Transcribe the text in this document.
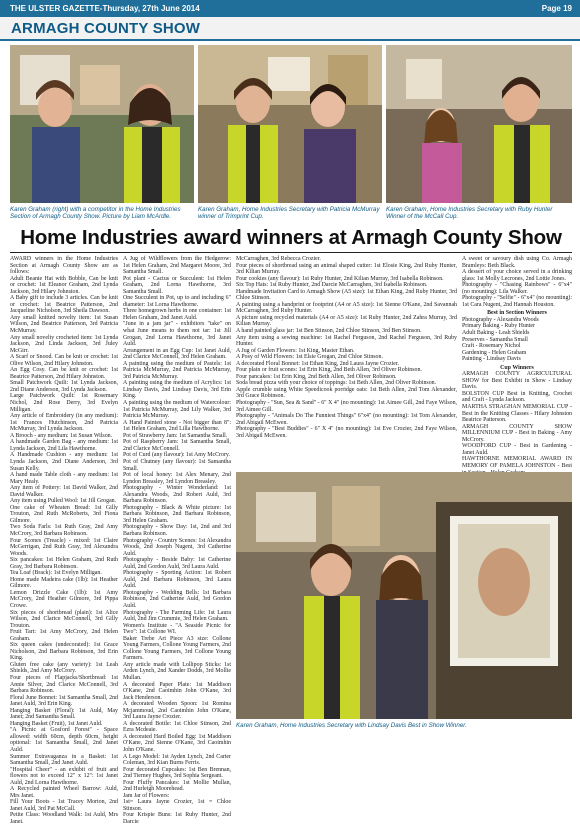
THE ULSTER GAZETTE-Thursday, 27th June 2014	Page 19
ARMAGH COUNTY SHOW
Karen Graham (right) with a competitor in the Home Industries Section of Armagh County Show. Picture by Liam McArdle.
Karen Graham, Home Industries Secretary with Patricia McMurray winner of Trimprint Cup.
Karen Graham, Home Industries Secretary with Ruby Hunter Winner of the McCall Cup.
Home Industries award winners at Armagh County Show

AWARD winners in the Home Industries Section at Armagh County Show are as follows:

Adult Beanie Hat with Bobble, Can be knit or crochet: 1st Eleanor Graham, 2nd Lynda Jackson, 3rd Hilary Johnston.

A Baby gift to include 3 articles. Can be knit or crochet: 1st Beatrice Patterson, 2nd Jacqueline Nicholson, 3rd Sheila Dawson.

Any small knitted novelty item: 1st Susan Wilson, 2nd Beatrice Patterson, 3rd Patricia McMurray.

Any small novelty crocheted item: 1st Lynda Jackson, 2nd Linda Jackson, 3rd Juley McGirr.

A Scarf or Snood. Can be knit or crochet: 1st Olive Wilson, 2nd Hilary Johnston.

An Egg Cosy. Can be knit or crochet: 1st Beatrice Patterson, 2nd Hilary Johnston.

Small Patchwork Quilt: 1st Lynda Jackson, 2nd Diane Anderson, 3rd Lynda Jackson.

Large Patchwork Quilt: 1st Rosemary Nichol, 2nd Rose Derry, 3rd Evelyn Milligan.

Any article of Embroidery (in any medium): 1st Frances Hutchinson, 2nd Patricia McMurray, 3rd Lynda Jackson.

A Brooch - any medium: 1st Susan Wilson.

A handmade Garden Bag - any medium: 1st Lynda Jackson, 2nd Lila Hawthorne.

A Handmade Cushion - any medium: 1st Lynda Jackson, 2nd Diane Anderson, 3rd Susan Kelly.

A hand made Table cloth - any medium: 1st Mary Healy.

Any item of Pottery: 1st David Walker, 2nd David Walker.

Any item using Pulled Wool: 1st Jill Grogan.

One cake of Wheaten Bread: 1st Gilly Trouton, 2nd Ruth McRoberts, 3rd Fiona Gilmore.

Two Soda Farls: 1st Ruth Gray, 2nd Amy McCrory, 3rd Barbara Robinson.

Four Scones (Treacle) - mixed: 1st Claire McGerrigan, 2nd Ruth Gray, 3rd Alexandra Woods.

Six pancakes: 1st Helen Graham, 2nd Ruth Gray, 3rd Barbara Robinson.

Tea Loaf (Brack): 1st Evelyn Milligan.

Home made Madeira cake (1lb): 1st Heather Gilmore.

Lemon Drizzle Cake (1lb): 1st Amy McCrory, 2nd Heather Gilmore, 3rd Pippa Crowe.

Six pieces of shortbread (plain): 1st Alice Wilson, 2nd Clarice McConnell, 3rd Gilly Trouton.

Fruit Tart: 1st Amy McCrory, 2nd Helen Graham.

Six queen cakes (undecorated): 1st Grace Nicholson, 2nd Barbara Robinson, 3rd Erin King.

Gluten free cake (any variety): 1st Leah Shields, 2nd Amy McCrory.

Four pieces of Flapjacks/Shortbread: 1st Annie Silver, 2nd Clarice McConnell, 3rd Barbara Robinson.

Floral June Bonnet: 1st Samantha Small, 2nd Janet Auld, 3rd Erin King.

Hanging Basket (Floral): 1st Auld, May Janet; 2nd Samantha Small.

Hanging Basket (Fruit), 1st Janet Auld.

"A Picnic at Gosford Forest" - Space allowed: width 60cm, depth 60cm, height optional: 1st Samantha Small, 2nd Janet Auld.

Summer Extravaganza in a Basket: 1st Samantha Small, 2nd Janet Auld.

"Hospital Cheer" - an exhibit of fruit and flowers not to exceed 12" x 12": 1st Janet Auld, 2nd Lorna Hawthorne.

A Recycled painted Wheel Barrow: Auld, Mrs Janet.

Fill Your Boots - 1st Tracey Morton, 2nd Janet Auld, 3rd Pat McCall.

Petite Class: Woodland Walk: 1st Auld, Mrs Janet.

A Jug of Wildflowers from the Hedgerow: 1st Helen Graham, 2nd Margaret Moore, 3rd Samantha Small.

Pot plant - Cactus or Succulent: 1st Helen Graham, 2nd Lorna Hawthorne, 3rd Samantha Small.

One Succulent in Pot, up to and including 6" diameter: 1st Lorna Hawthorne.

Three homegrown herbs in one container: 1st Helen Graham, 2nd Janet Auld.

"June in a jam jar" - exhibitors "take" on what June means to them not tar: 1st Jill Grogan, 2nd Lorna Hawthorne, 3rd Janet Auld.

Arrangement in an Egg Cup: 1st Janet Auld, 2nd Clarice McConnell, 3rd Helen Graham.

A painting using the medium of Pastels: 1st Patricia McMurray, 2nd Patricia McMurray, 3rd Patricia McMurray.

A painting using the medium of Acrylics: 1st Lindsay Davis, 2nd Lindsay Davis, 3rd Erin King.

A painting using the medium of Watercolour: 1st Patricia McMurray, 2nd Lily Walker, 3rd Patricia McMurray.

A Hand Painted stone - Not bigger than 8": 1st Helen Graham, 2nd Lilla Hawthorne.

Pot of Strawberry Jam: 1st Samantha Small.

Pot of Raspberry Jam: 1st Samantha Small, 2nd Clarice McConnell.

Pot of Curd (any flavour): 1st Amy McCrory.

Pot of Chutney (any flavour): 1st Samantha Small.

Pot of local honey: 1st Alex Menary, 2nd Lyndon Breasley, 3rd Lyndon Breasley.

Photography - Winter Wonderland: 1st Alexandra Woods, 2nd Robert Auld, 3rd Barbara Robinson.

Photography - Black & White picture: 1st Barbara Robinson, 2nd Barbara Robinson, 3rd Helen Graham.

Photography - Show Day: 1st, 2nd and 3rd Barbara Robinson.

Photography - Country Scenes: 1st Alexandra Woods, 2nd Joseph Nugent, 3rd Catherine Auld.

Photography - Beside Baby: 1st Catherine Auld, 2nd Gordon Auld, 3rd Laura Auld.

Photography - Sporting Action: 1st Robert Auld, 2nd Barbara Robinson, 3rd Laura Auld.

Photography - Wedding Bells: 1st Barbara Robinson, 2nd Catherine Auld, 3rd Gordon Auld.

Photography - The Farming Life: 1st Laura Auld, 2nd Jim Crummie, 3rd Helen Graham.

Women's Institute - "A Seaside Picnic for Two": 1st Collone WI.

Baker Trebe Art Piece A3 size: Collone Young Farmers, Collone Young Farmers, 2nd Collone Young Farmers, 3rd Collone Young Farmers.

Any article made with Lollipop Sticks: 1st Arden Lynch, 2nd Xander Dodds, 3rd Mollie Mullan.

A decorated Paper Plate: 1st Maddison O'Kane, 2nd Caoimhin John O'Kane, 3rd Jack Henderson.

A decorated Wooden Spoon: 1st Romina Mcjammoud, 2nd Caoimhin John O'Kane, 3rd Laura Jayne Crozier.

A decorated Bottle: 1st Chloe Stinson, 2nd Ezra Mcdeaie.

A decorated Hard Boiled Egg: 1st Maddison O'Kane, 2nd Sienne O'Kane, 3rd Caoimhin John O'Kane.

A Lego Model: 1st Ayden Lynch, 2nd Carter Coleman, 3rd Kian Burns Ferris.

Four decorated Cupcakes: 1st Ben Brennan, 2nd Tierney Hughes, 3rd Sophia Sergeant.

Four Fluffy Pancakes: 1st Mollie Mullan, 2nd Hurleigh Moorehead.

Jam Jar of Flowers:

1st= Laura Jayne Crozier, 1st = Chloe Stinson.

Four Krispie Buns: 1st Ruby Hunter, 2nd Darcie

McCarraghen, 3rd Rebecca Crozier.

Four pieces of shortbread using an animal shaped cutter: 1st Elosie King, 2nd Ruby Hunter, 3rd Kilian Murray.

Four cookies (any flavour): 1st Ruby Hunter, 2nd Kilian Murray, 3rd Isabella Robinson.

Six Top Hats: 1st Ruby Hunter, 2nd Darcie McCarraghen, 3rd Isabella Robinson.

Handmade Invitation Card to Armagh Show (A5 size): 1st Ethan King, 2nd Ruby Hunter, 3rd Chloe Stinson.

A painting using a handprint or footprint (A4 or A5 size): 1st Sienne O'Kane, 2nd Savannah McCarraghen, 3rd Ruby Hunter.

A picture using recycled materials (A4 or A5 size): 1st Ruby Hunter, 2nd Zahra Murray, 3rd Kilian Murray.

A hand painted glass jar: 1st Ben Stinson, 2nd Chloe Stinson, 3rd Ben Stinson.

Any item using a sewing machine: 1st Rachel Ferguson, 2nd Rachel Ferguson, 3rd Ruby Hunter.

A Jug of Garden Flowers: 1st King, Master Ethan.

A Posy of Wild Flowers: 1st Elsie Grogan, 2nd Chloe Stinson.

A decorated Floral Bonnet: 1st Ethan King, 2nd Laura Jayne Crozier.

Four plain or fruit scones: 1st Erin King, 2nd Beth Allen, 3rd Oliver Robinson.

Four pancakes: 1st Erin King, 2nd Beth Allen, 3rd Oliver Robinson.

Soda bread pizza with your choice of toppings: 1st Beth Allen, 2nd Oliver Robinson.

Apple crumble using White Speedicook porridge oats: 1st Beth Allen, 2nd Tom Alexander, 3rd Grace Robinson.

Photography - "Sun, Sea & Sand" - 6" X 4" (no mounting): 1st Aimee Gill, 2nd Faye Wilson, 3rd Aimee Gill.

Photography - "Animals Do The Funniest Things" 6"x4" (no mounting): 1st Tom Alexander, 2nd Abigail McEwen.

Photography - "Best Buddies" - 6" X 4" (no mounting): 1st Eve Crozier, 2nd Faye Wilson, 3rd Abigail McEwen.

A sweet or savoury dish using Co. Armagh Bramleys: Beth Black.

A dessert of your choice served in a drinking glass: 1st Molly Lecrones, 2nd Lottie Jones.

Photography - "Chasing Rainbows" - 6"x4" (no mounting): Lila Walker.

Photography - "Selfie" - 6"x4" (no mounting): 1st Cara Nugent, 2nd Hannah Houston.

Best in Section Winners

Photography - Alexandra Woods

Primary Baking - Ruby Hunter

Adult Baking - Leah Shields

Preserves - Samantha Small

Craft - Rosemary Nichol

Gardening - Helen Graham

Painting - Lindsay Davis

Cup Winners

ARMAGH COUNTY AGRICULTURAL SHOW for Best Exhibit in Show - Lindsay Davis.

BOLSTON CUP Best in Knitting, Crochet and Craft - Lynda Jackson.

MARTHA STRAGHAN MEMORIAL CUP - Best in the Knitting Classes - Hilary Johnston Beatrice Patterson.

ARMAGH COUNTY SHOW MILLENNIUM CUP - Best in Baking - Amy McCrory.

WOODFORD CUP - Best in Gardening - Janet Auld.

HAWTHORNE MEMORIAL AWARD IN MEMORY OF PAMELA JOHNSTON - Best

Karen Graham, Home Industries Secretary with Lindsay Davis Best in Show Winner.
